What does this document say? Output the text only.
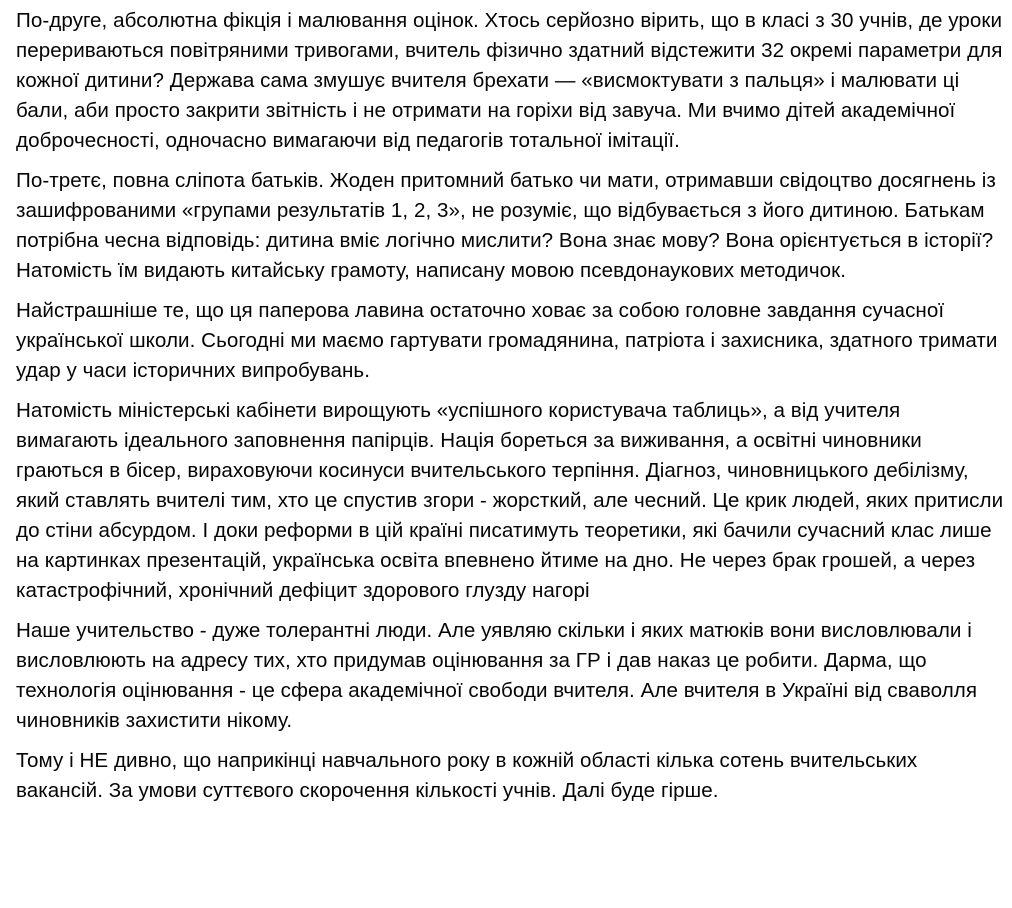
По-друге, абсолютна фікція і малювання оцінок. Хтось серйозно вірить, що в класі з 30 учнів, де уроки перериваються повітряними тривогами, вчитель фізично здатний відстежити 32 окремі параметри для кожної дитини? Держава сама змушує вчителя брехати — «висмоктувати з пальця» і малювати ці бали, аби просто закрити звітність і не отримати на горіхи від завуча. Ми вчимо дітей академічної доброчесності, одночасно вимагаючи від педагогів тотальної імітації.

По-третє, повна сліпота батьків. Жоден притомний батько чи мати, отримавши свідоцтво досягнень із зашифрованими «групами результатів 1, 2, 3», не розуміє, що відбувається з його дитиною. Батькам потрібна чесна відповідь: дитина вміє логічно мислити? Вона знає мову? Вона орієнтується в історії? Натомість їм видають китайську грамоту, написану мовою псевдонаукових методичок.

Найстрашніше те, що ця паперова лавина остаточно ховає за собою головне завдання сучасної української школи. Сьогодні ми маємо гартувати громадянина, патріота і захисника, здатного тримати удар у часи історичних випробувань.

Натомість міністерські кабінети вирощують «успішного користувача таблиць», а від учителя вимагають ідеального заповнення папірців. Нація бореться за виживання, а освітні чиновники граються в бісер, вираховуючи косинуси вчительського терпіння. Діагноз, чиновницького дебілізму, який ставлять вчителі тим, хто це спустив згори - жорсткий, але чесний. Це крик людей, яких притисли до стіни абсурдом. І доки реформи в цій країні писатимуть теоретики, які бачили сучасний клас лише на картинках презентацій, українська освіта впевнено йтиме на дно. Не через брак грошей, а через катастрофічний, хронічний дефіцит здорового глузду нагорі

Наше учительство - дуже толерантні люди. Але уявляю скільки і яких матюків вони висловлювали і висловлюють на адресу тих, хто придумав оцінювання за ГР і дав наказ це робити. Дарма, що технологія оцінювання - це сфера академічної свободи вчителя. Але вчителя в Україні від сваволля чиновників захистити нікому.

Тому і НЕ дивно, що наприкінці навчального року в кожній області кілька сотень вчительських вакансій. За умови суттєвого скорочення кількості учнів. Далі буде гірше.
